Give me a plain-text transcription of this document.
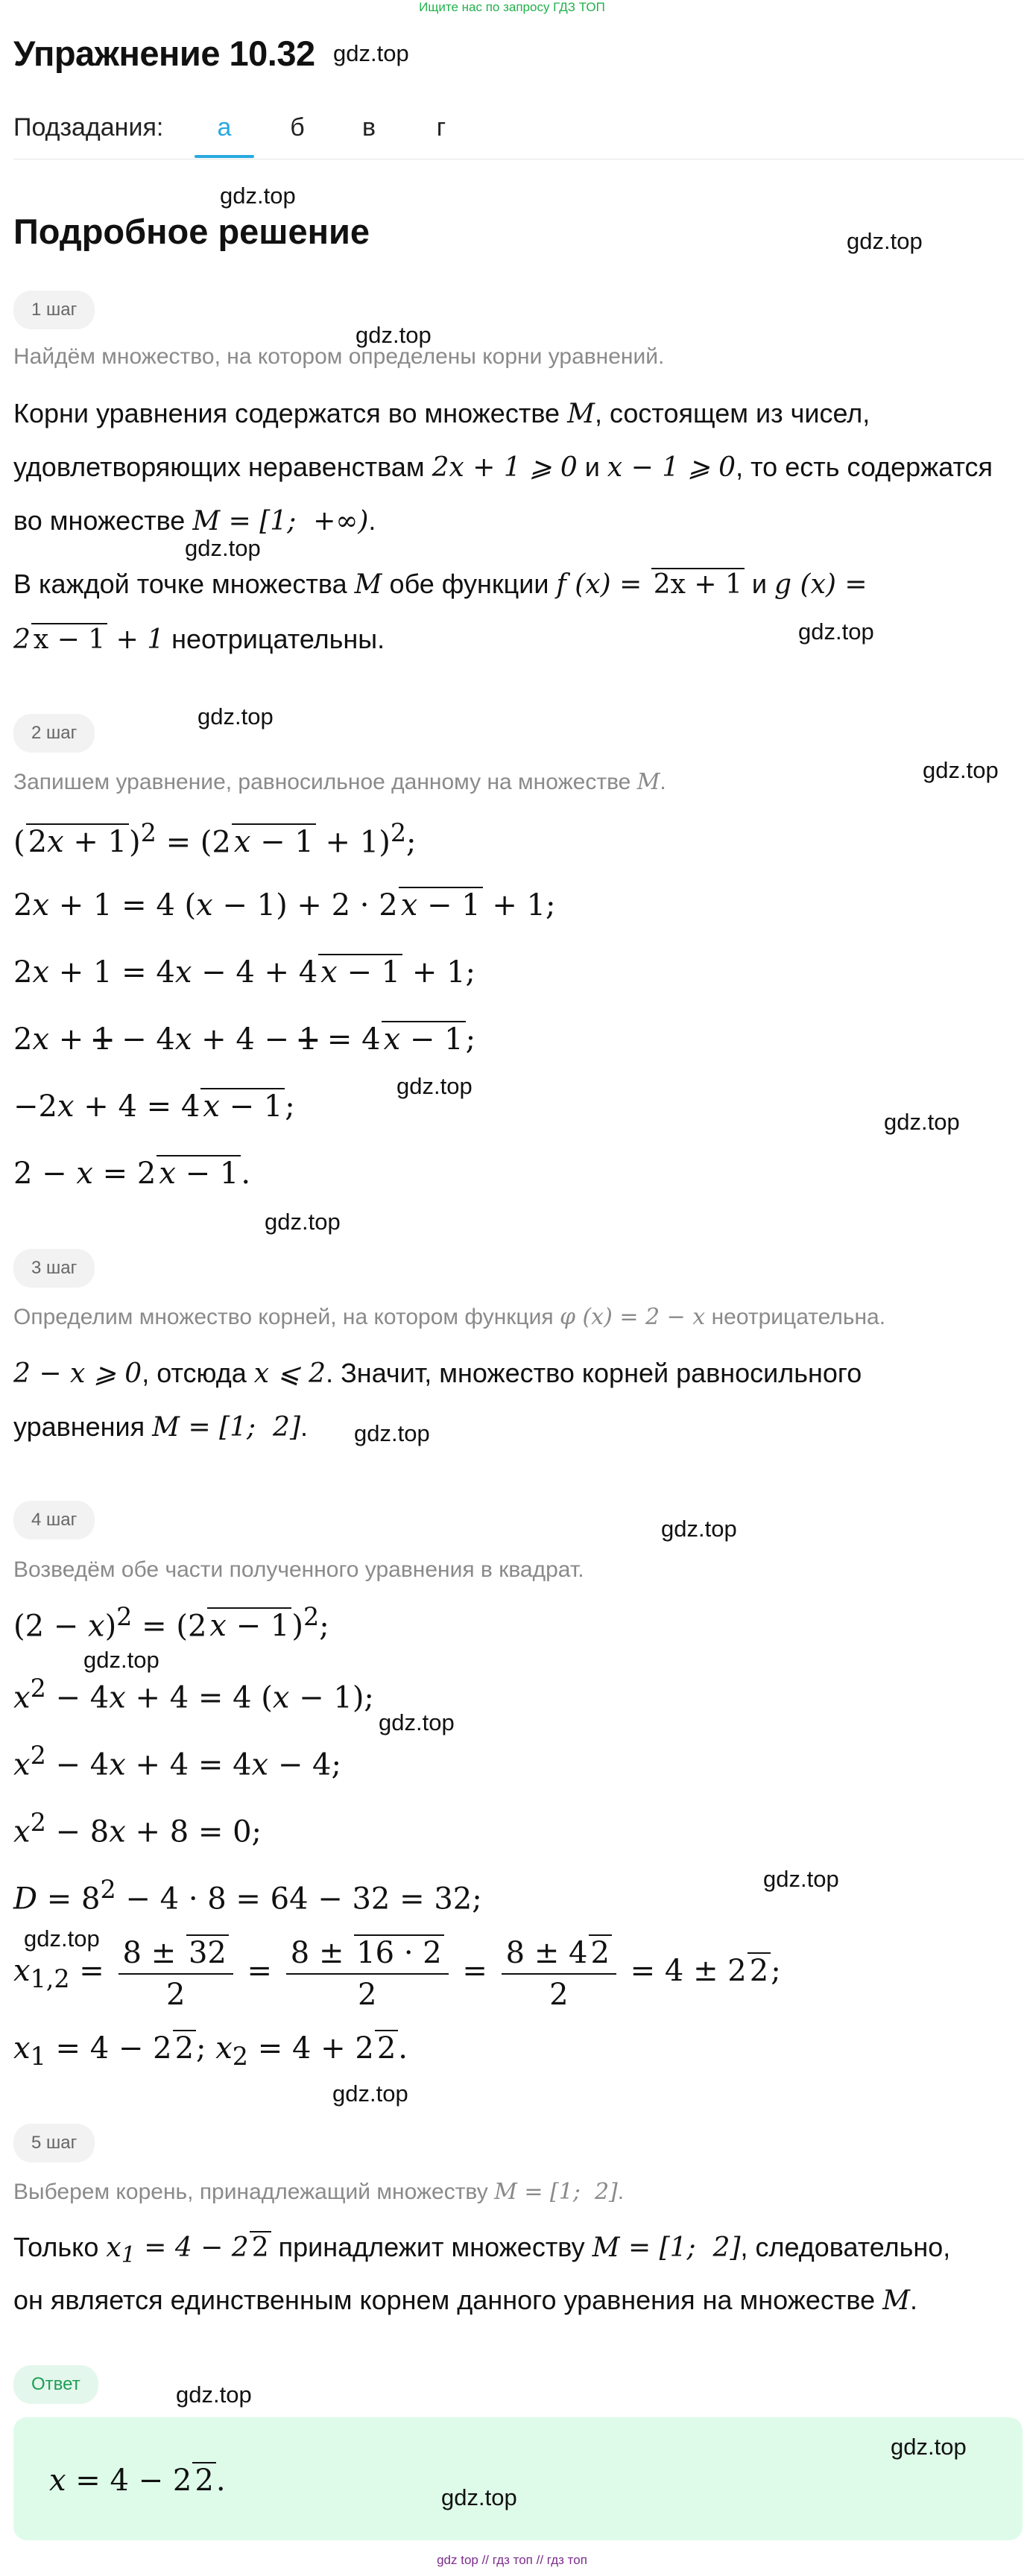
Ищите нас по запросу ГДЗ ТОП
Упражнение 10.32 gdz.top
Подзадания:	а	б	в	г
gdz.top
Подробное решение	gdz.top
1 шаг
gdz.top
Найдём множество, на котором определены корни уравнений.
Корни уравнения содержатся во множестве M, состоящем из чисел,
удовлетворяющих неравенствам 2x + 1 ⩾ 0 и x − 1 ⩾ 0, то есть содержатся
во множестве M = [1;  +∞).
gdz.top
В каждой точке множества M обе функции f (x) = 2x + 1 и g (x) =
gdz.top
2 x − 1 + 1 неотрицательны.
gdz.top
2 шаг
gdz.top
Запишем уравнение, равносильное данному на множестве M.
( 2x + 1)$^2$ = (2 x − 1 + 1)$^2$;
2x + 1 = 4 (x − 1) + 2 · 2 x − 1 + 1;
2x + 1 = 4x − 4 + 4 x − 1 + 1;
2x + 1 − 4x + 4 − 1 = 4 x − 1;
gdz.top
−2x + 4 = 4 x − 1;	gdz.top
2 − x = 2 x − 1.
gdz.top
3 шаг
Определим множество корней, на котором функция φ (x) = 2 − x неотрицательна.
2 − x ⩾ 0, отсюда x ⩽ 2. Значит, множество корней равносильного
уравнения M = [1;  2]. gdz.top
4 шаг	gdz.top
Возведём обе части полученного уравнения в квадрат.
$(2 - x)^2 = (2$ x − 1)$^2$;
gdz.top
$x^2 - 4x + 4 = 4$ (x − 1);
gdz.top
$x^2 - 4x + 4 = 4x - 4$;
$x^2 - 8x + 8 = 0$;
gdz.top
$D = 8^2 - 4 \cdot 8 = 64 - 32 = 32$;
gdz.top
$x_{1,2} = \frac{8 \pm 32}{2} = \frac{8 \pm 16 \cdot 2}{2} = \frac{8 \pm 4 2}{2} = 4 \pm 2$ 2;
$x_1 = 4 - 2$ 2; $x_2 = 4 + 2$ 2.
gdz.top
5 шаг
Выберем корень, принадлежащий множеству M = [1;  2].
Только $x_1 = 4 - 2$ 2 принадлежит множеству M = [1;  2], следовательно,
он является единственным корнем данного уравнения на множестве M.
Ответ	gdz.top
x = 4 − 2 2.
gdz.top
gdz.top
gdz top // гдз топ // гдз топ
